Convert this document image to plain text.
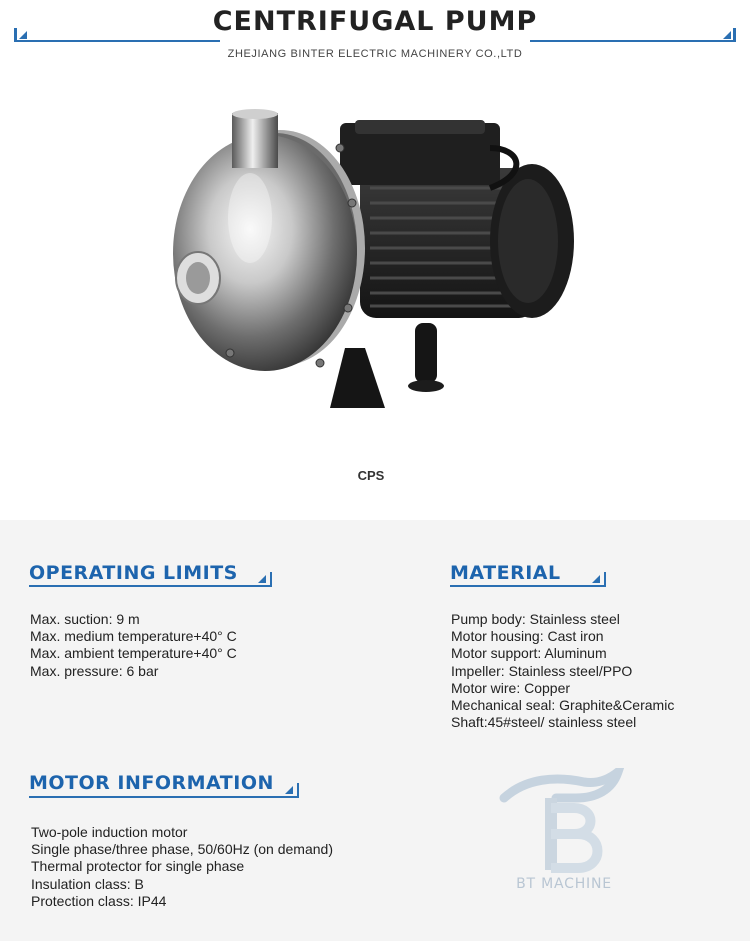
CENTRIFUGAL PUMP
ZHEJIANG BINTER ELECTRIC MACHINERY CO.,LTD
CPS
OPERATING LIMITS
Max. suction: 9 m
Max. medium temperature+40° C
Max. ambient temperature+40° C
Max. pressure: 6 bar
MATERIAL
Pump body: Stainless steel
Motor housing: Cast iron
Motor support: Aluminum
Impeller: Stainless steel/PPO
Motor wire: Copper
Mechanical seal: Graphite&Ceramic
Shaft:45#steel/ stainless steel
MOTOR INFORMATION
Two-pole induction motor
Single phase/three phase, 50/60Hz (on demand)
Thermal protector for single phase
Insulation class: B
Protection class: IP44
BT MACHINE
